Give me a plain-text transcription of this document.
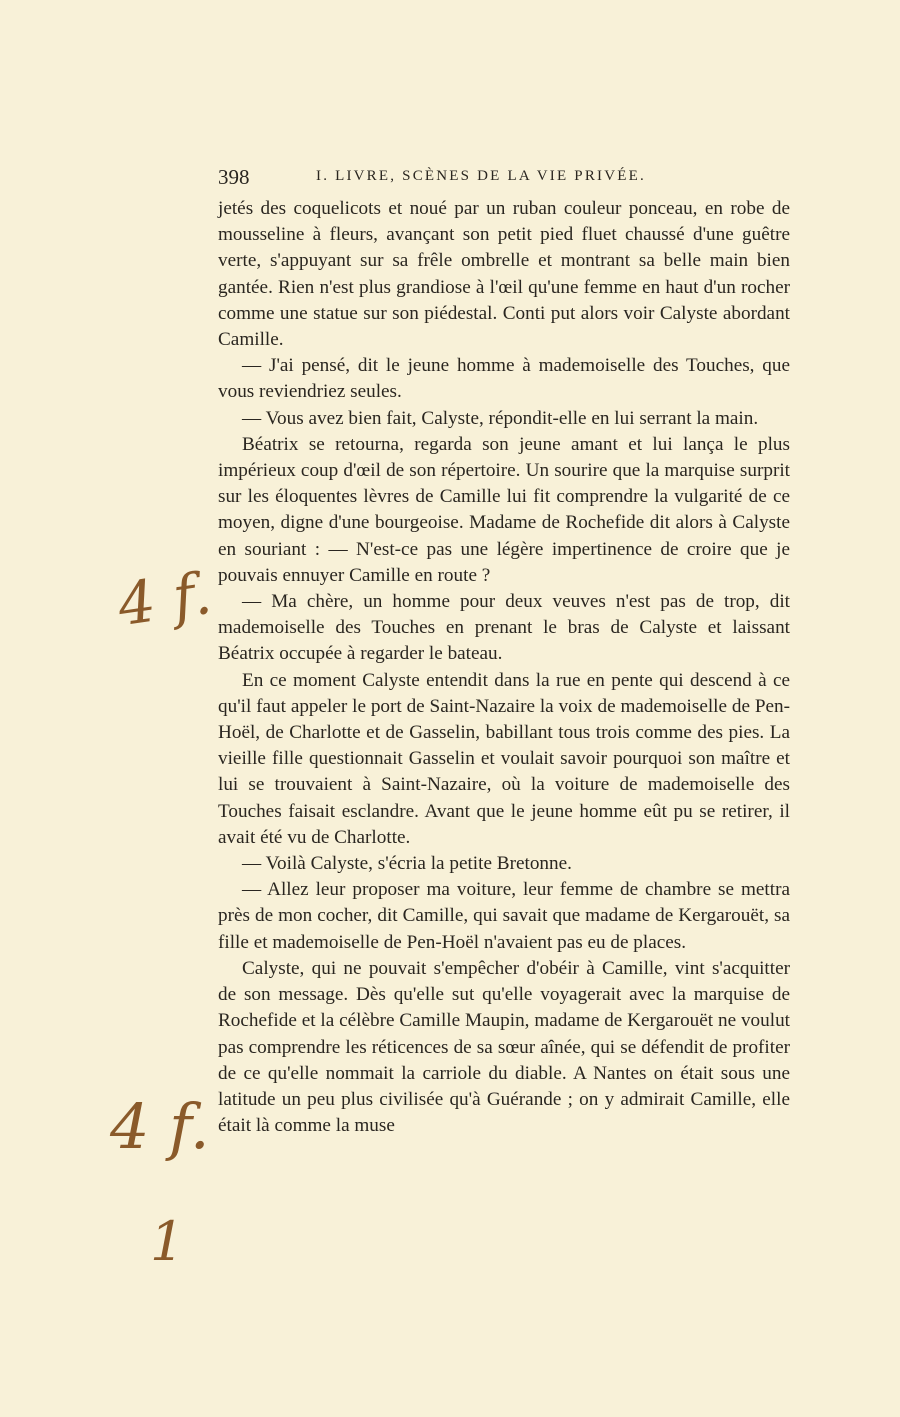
398	I. LIVRE, SCÈNES DE LA VIE PRIVÉE.

jetés des coquelicots et noué par un ruban couleur ponceau, en robe de mousseline à fleurs, avançant son petit pied fluet chaussé d'une guêtre verte, s'appuyant sur sa frêle ombrelle et montrant sa belle main bien gantée. Rien n'est plus grandiose à l'œil qu'une femme en haut d'un rocher comme une statue sur son piédestal. Conti put alors voir Calyste abordant Camille.

— J'ai pensé, dit le jeune homme à mademoiselle des Touches, que vous reviendriez seules.

— Vous avez bien fait, Calyste, répondit-elle en lui serrant la main.

Béatrix se retourna, regarda son jeune amant et lui lança le plus impérieux coup d'œil de son répertoire. Un sourire que la marquise surprit sur les éloquentes lèvres de Camille lui fit comprendre la vulgarité de ce moyen, digne d'une bourgeoise. Madame de Rochefide dit alors à Calyste en souriant : — N'est-ce pas une légère impertinence de croire que je pouvais ennuyer Camille en route ?

— Ma chère, un homme pour deux veuves n'est pas de trop, dit mademoiselle des Touches en prenant le bras de Calyste et laissant Béatrix occupée à regarder le bateau.

En ce moment Calyste entendit dans la rue en pente qui descend à ce qu'il faut appeler le port de Saint-Nazaire la voix de mademoiselle de Pen-Hoël, de Charlotte et de Gasselin, babillant tous trois comme des pies. La vieille fille questionnait Gasselin et voulait savoir pourquoi son maître et lui se trouvaient à Saint-Nazaire, où la voiture de mademoiselle des Touches faisait esclandre. Avant que le jeune homme eût pu se retirer, il avait été vu de Charlotte.

— Voilà Calyste, s'écria la petite Bretonne.

— Allez leur proposer ma voiture, leur femme de chambre se mettra près de mon cocher, dit Camille, qui savait que madame de Kergarouët, sa fille et mademoiselle de Pen-Hoël n'avaient pas eu de places.

Calyste, qui ne pouvait s'empêcher d'obéir à Camille, vint s'acquitter de son message. Dès qu'elle sut qu'elle voyagerait avec la marquise de Rochefide et la célèbre Camille Maupin, madame de Kergarouët ne voulut pas comprendre les réticences de sa sœur aînée, qui se défendit de profiter de ce qu'elle nommait la carriole du diable. A Nantes on était sous une latitude un peu plus civilisée qu'à Guérande ; on y admirait Camille, elle était là comme la muse

4 f.
4 f.
1
